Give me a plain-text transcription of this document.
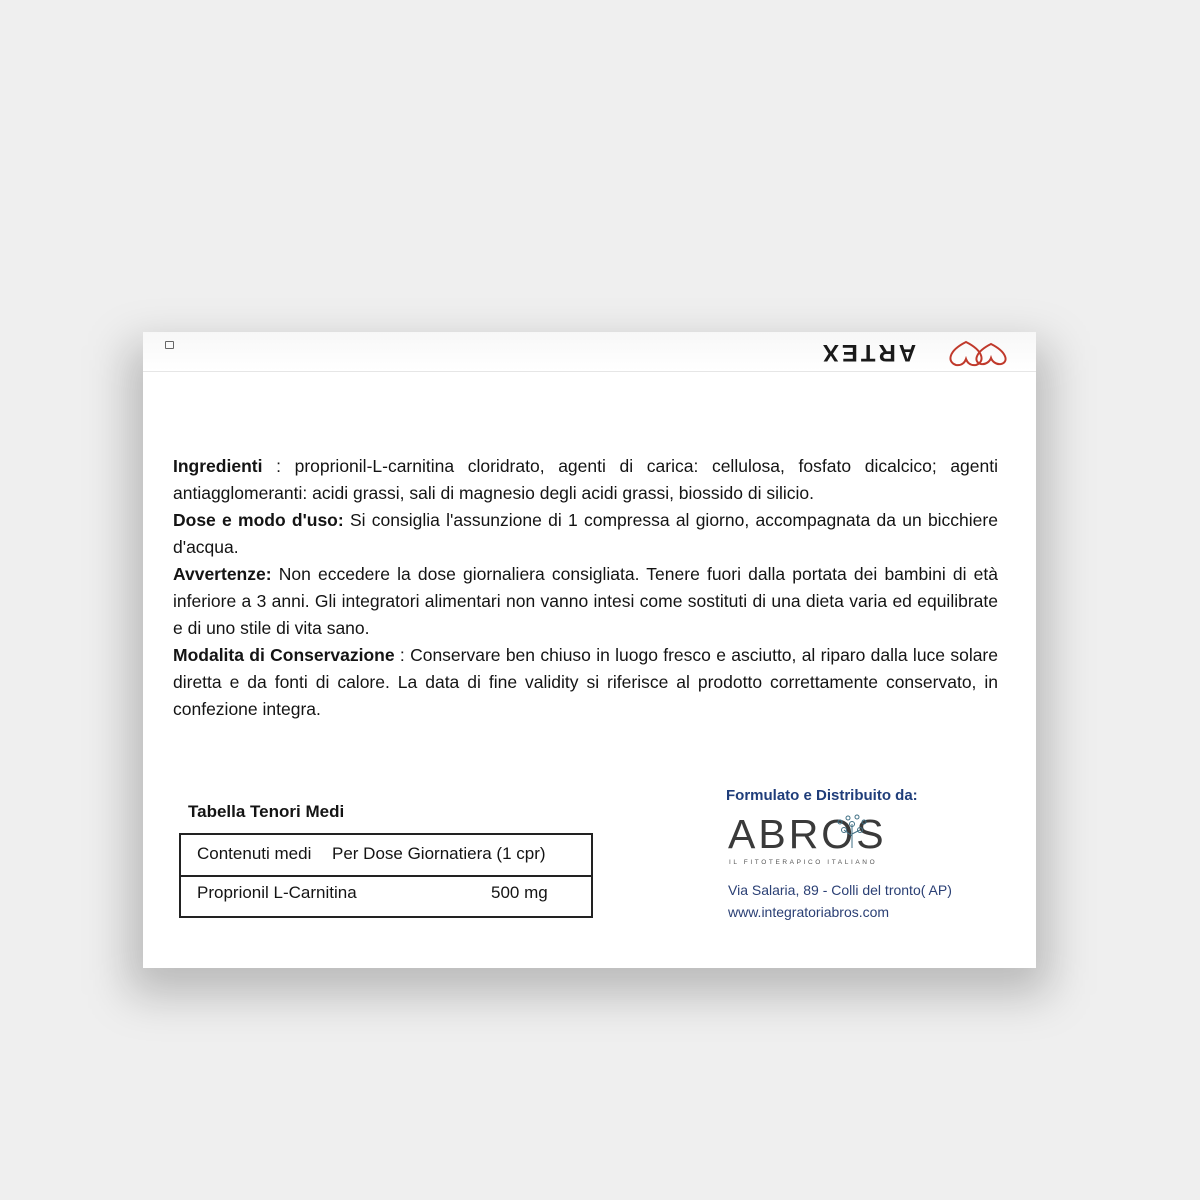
ARTEX

Ingredienti : proprionil-L-carnitina cloridrato, agenti di carica: cellulosa, fosfato dicalcico; agenti antiagglomeranti: acidi grassi, sali di magnesio degli acidi grassi, biossido di silicio.

Dose e modo d'uso: Si consiglia l'assunzione di 1 compressa al giorno, accompagnata da un bicchiere d'acqua.

Avvertenze: Non eccedere la dose giornaliera consigliata. Tenere fuori dalla portata dei bambini di età inferiore a 3 anni. Gli integratori alimentari non vanno intesi come sostituti di una dieta varia ed equilibrate e di uno stile di vita sano.

Modalita di Conservazione : Conservare ben chiuso in luogo fresco e asciutto, al riparo dalla luce solare diretta e da fonti di calore. La data di fine validity si riferisce al prodotto correttamente conservato, in confezione integra.

Tabella Tenori Medi
Contenuti medi Per Dose Giornatiera (1 cpr)
Proprionil L-Carnitina	500 mg
Formulato e Distribuito da:
ABROS
IL FITOTERAPICO ITALIANO
Via Salaria, 89 - Colli del tronto( AP)
www.integratoriabros.com
